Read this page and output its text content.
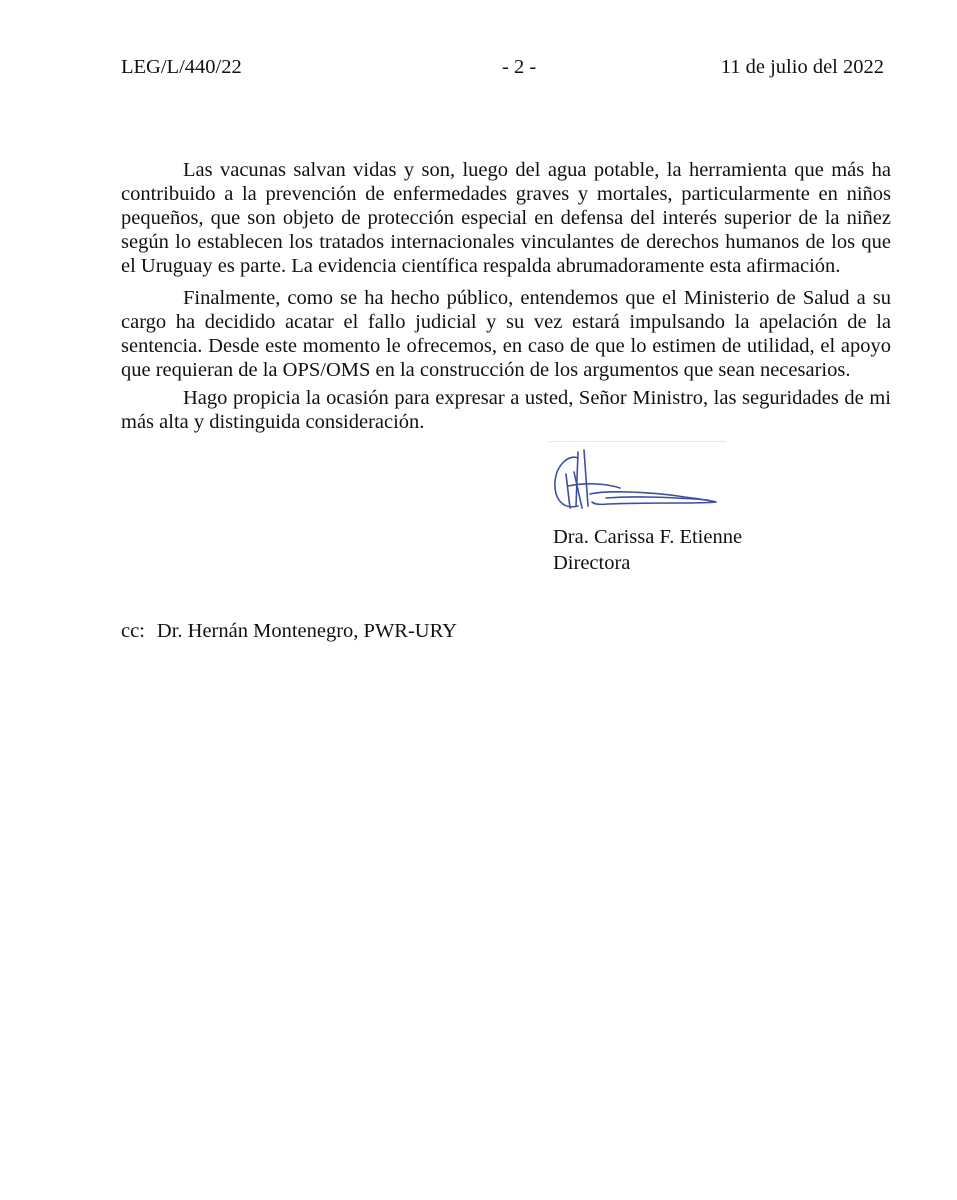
LEG/L/440/22	- 2 -	11 de julio del 2022

Las vacunas salvan vidas y son, luego del agua potable, la herramienta que más ha contribuido a la prevención de enfermedades graves y mortales, particularmente en niños pequeños, que son objeto de protección especial en defensa del interés superior de la niñez según lo establecen los tratados internacionales vinculantes de derechos humanos de los que el Uruguay es parte. La evidencia científica respalda abrumadoramente esta afirmación.

Finalmente, como se ha hecho público, entendemos que el Ministerio de Salud a su cargo ha decidido acatar el fallo judicial y su vez estará impulsando la apelación de la sentencia. Desde este momento le ofrecemos, en caso de que lo estimen de utilidad, el apoyo que requieran de la OPS/OMS en la construcción de los argumentos que sean necesarios.

Hago propicia la ocasión para expresar a usted, Señor Ministro, las seguridades de mi más alta y distinguida consideración.

Dra. Carissa F. Etienne
Directora
cc: Dr. Hernán Montenegro, PWR-URY
